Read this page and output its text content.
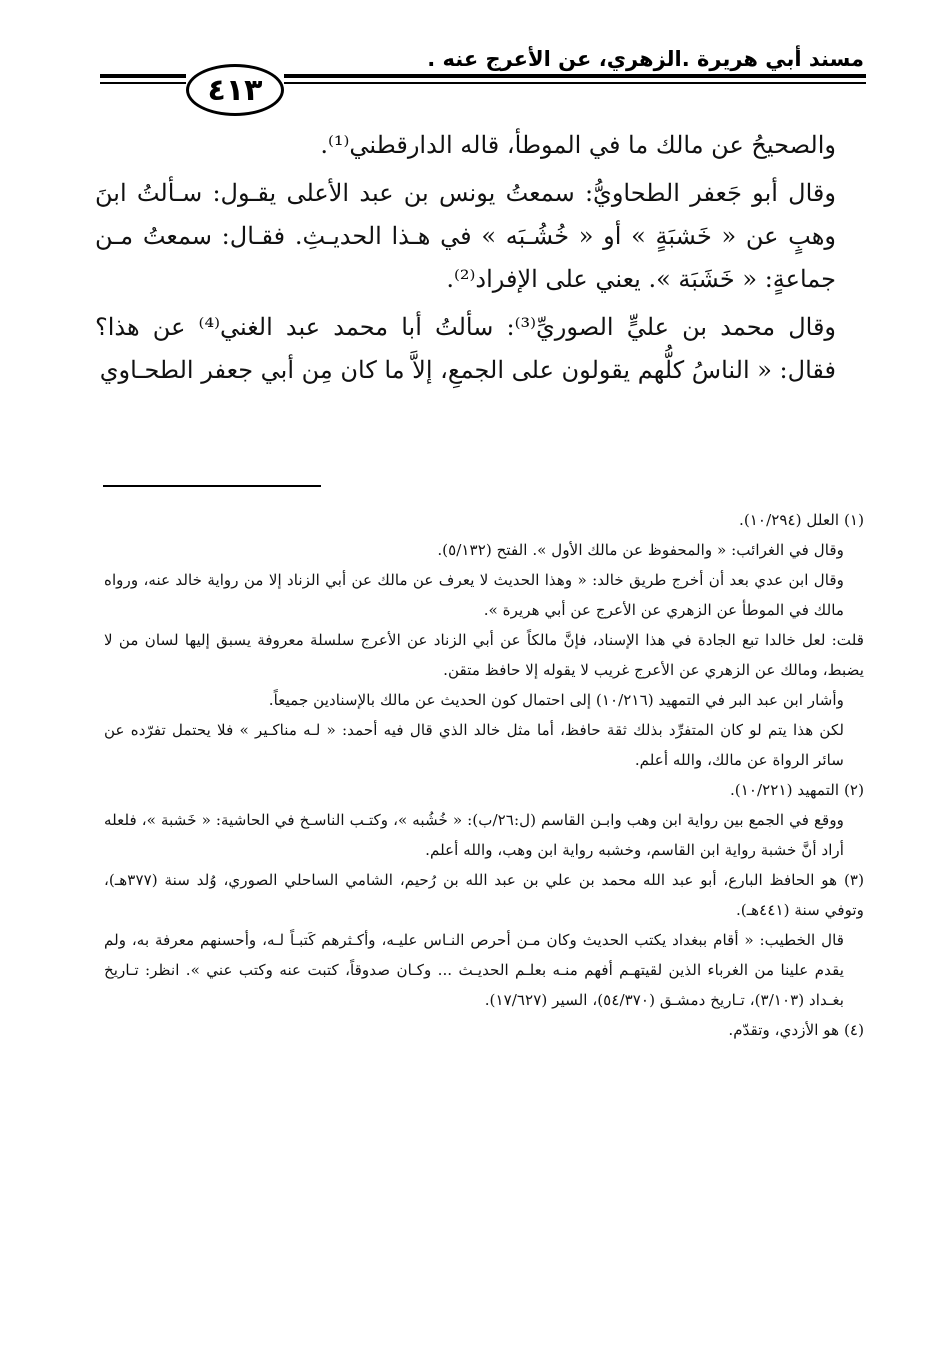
مسند أبي هريرة .الزهري، عن الأعرج عنه .
٤١٣

والصحيحُ عن مالك ما في الموطأ، قاله الدارقطني⁽¹⁾.

وقال أبو جَعفر الطحاويُّ: سمعتُ يونس بن عبد الأعلى يقـول: سـألتُ ابنَ وهبٍ عن « خَشبَةٍ » أو « خُشُـبَه » في هـذا الحديـثِ. فقـال: سمعتُ مـن جماعةٍ: « خَشَبَة ». يعني على الإفراد⁽²⁾.

وقال محمد بن عليٍّ الصوريِّ⁽³⁾: سألتُ أبا محمد عبد الغني⁽⁴⁾ عن هذا؟ فقال: « الناسُ كلُّهم يقولون على الجمعِ، إلاَّ ما كان مِن أبي جعفر الطحـاوي

(١) العلل (١٠/٢٩٤).

وقال في الغرائب: « والمحفوظ عن مالك الأول ». الفتح (٥/١٣٢).

وقال ابن عدي بعد أن أخرج طريق خالد: « وهذا الحديث لا يعرف عن مالك عن أبي الزناد إلا من رواية خالد عنه، ورواه مالك في الموطأ عن الزهري عن الأعرج عن أبي هريرة ».

قلت: لعل خالدا تبع الجادة في هذا الإسناد، فإنَّ مالكاً عن أبي الزناد عن الأعرج سلسلة معروفة يسبق إليها لسان من لا يضبط، ومالك عن الزهري عن الأعرج غريب لا يقوله إلا حافظ متقن.

وأشار ابن عبد البر في التمهيد (١٠/٢١٦) إلى احتمال كون الحديث عن مالك بالإسنادين جميعاً.

لكن هذا يتم لو كان المتفرِّد بذلك ثقة حافظ، أما مثل خالد الذي قال فيه أحمد: « لـه مناكـير » فلا يحتمل تفرّده عن سائر الرواة عن مالك، والله أعلم.

(٢) التمهيد (١٠/٢٢١).

ووقع في الجمع بين رواية ابن وهب وابـن القاسم (ل:٢٦/ب): « خُشُبه »، وكتـب الناسـخ في الحاشية: « خَشبة »، فلعله أراد أنَّ خشبة رواية ابن القاسم، وخشبه رواية ابن وهب، والله أعلم.

(٣) هو الحافظ البارع، أبو عبد الله محمد بن علي بن عبد الله بن رُحيم، الشامي الساحلي الصوري، وُلد سنة (٣٧٧هـ)، وتوفي سنة (٤٤١هـ).

قال الخطيب: « أقام ببغداد يكتب الحديث وكان مـن أحرص النـاس عليـه، وأكـثرهم كَتبـاً لـه، وأحسنهم معرفة به، ولم يقدم علينا من الغرباء الذين لقيتهـم أفهم منـه بعلـم الحديـث ... وكـان صدوقاً، كتبت عنه وكتب عني ». انظر: تـاريخ بغـداد (٣/١٠٣)، تـاريخ دمشـق (٥٤/٣٧٠)، السير (١٧/٦٢٧).

(٤) هو الأزدي، وتقدّم.
